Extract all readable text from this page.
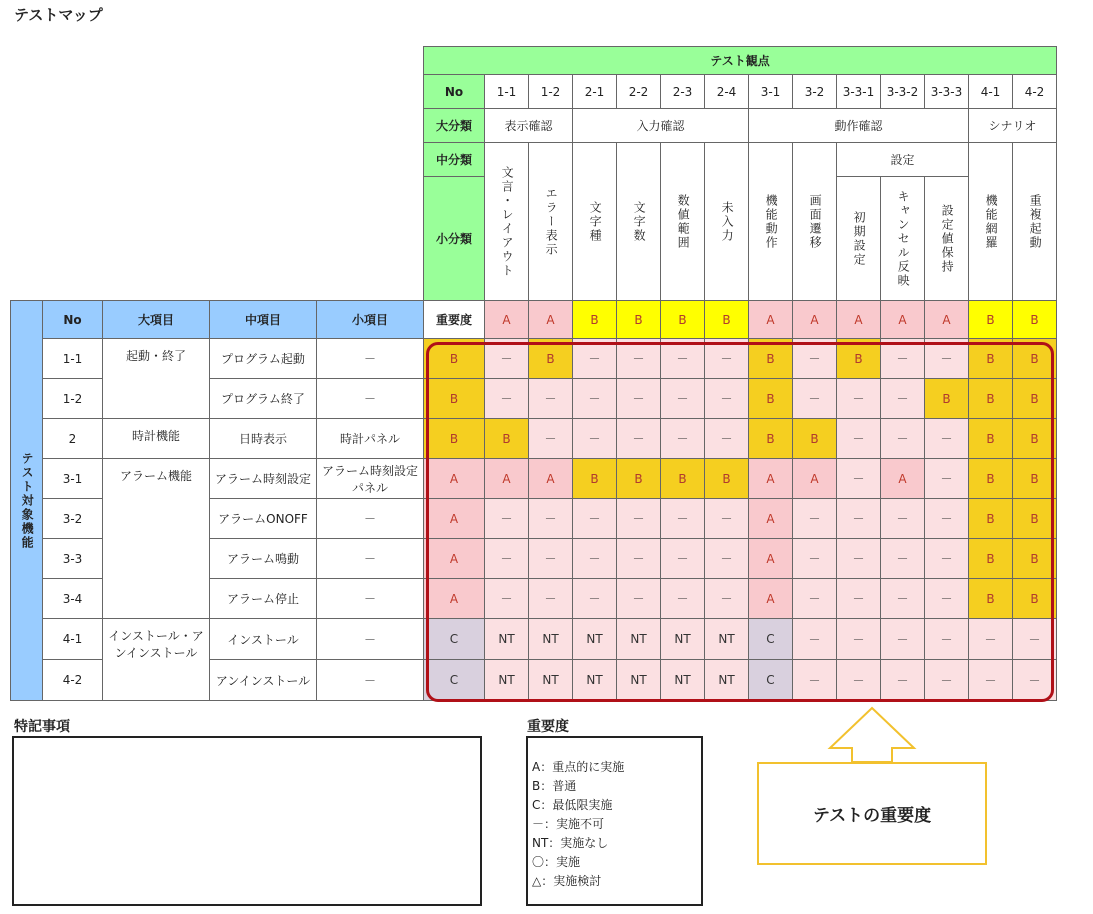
テストマップ
					テスト観点													
					No	1-1	1-2	2-1	2-2	2-3	2-4	3-1	3-2	3-3-1	3-3-2	3-3-3	4-1	4-2
					大分類	表示確認		入力確認				動作確認					シナリオ	
					中分類	文言・レイアウト	エラー表示	文字種	文字数	数値範囲	未入力	機能動作	画面遷移	設定			機能網羅	重複起動

					小分類									初期設定	キャンセル反映	設定値保持		

テスト対象機能	No	大項目	中項目	小項目	重要度	A	A	B	B	B	B	A	A	A	A	A	B	B
	1-1	起動・終了	プログラム起動	－	B	－	B	－	－	－	－	B	－	B	－	－	B	B
	1-2		プログラム終了	－	B	－	－	－	－	－	－	B	－	－	－	B	B	B
	2	時計機能	日時表示	時計パネル	B	B	－	－	－	－	－	B	B	－	－	－	B	B
	3-1	アラーム機能	アラーム時刻設定	アラーム時刻設定パネル	A	A	A	B	B	B	B	A	A	－	A	－	B	B
	3-2		アラームONOFF	－	A	－	－	－	－	－	－	A	－	－	－	－	B	B
	3-3		アラーム鳴動	－	A	－	－	－	－	－	－	A	－	－	－	－	B	B
	3-4		アラーム停止	－	A	－	－	－	－	－	－	A	－	－	－	－	B	B
	4-1	インストール・アンインストール	インストール	－	C	NT	NT	NT	NT	NT	NT	C	－	－	－	－	－	－
	4-2		アンインストール	－	C	NT	NT	NT	NT	NT	NT	C	－	－	－	－	－	－
特記事項	重要度
A：重点的に実施
B：普通
C：最低限実施
－：実施不可
NT：実施なし
〇：実施
△：実施検討
テストの重要度
